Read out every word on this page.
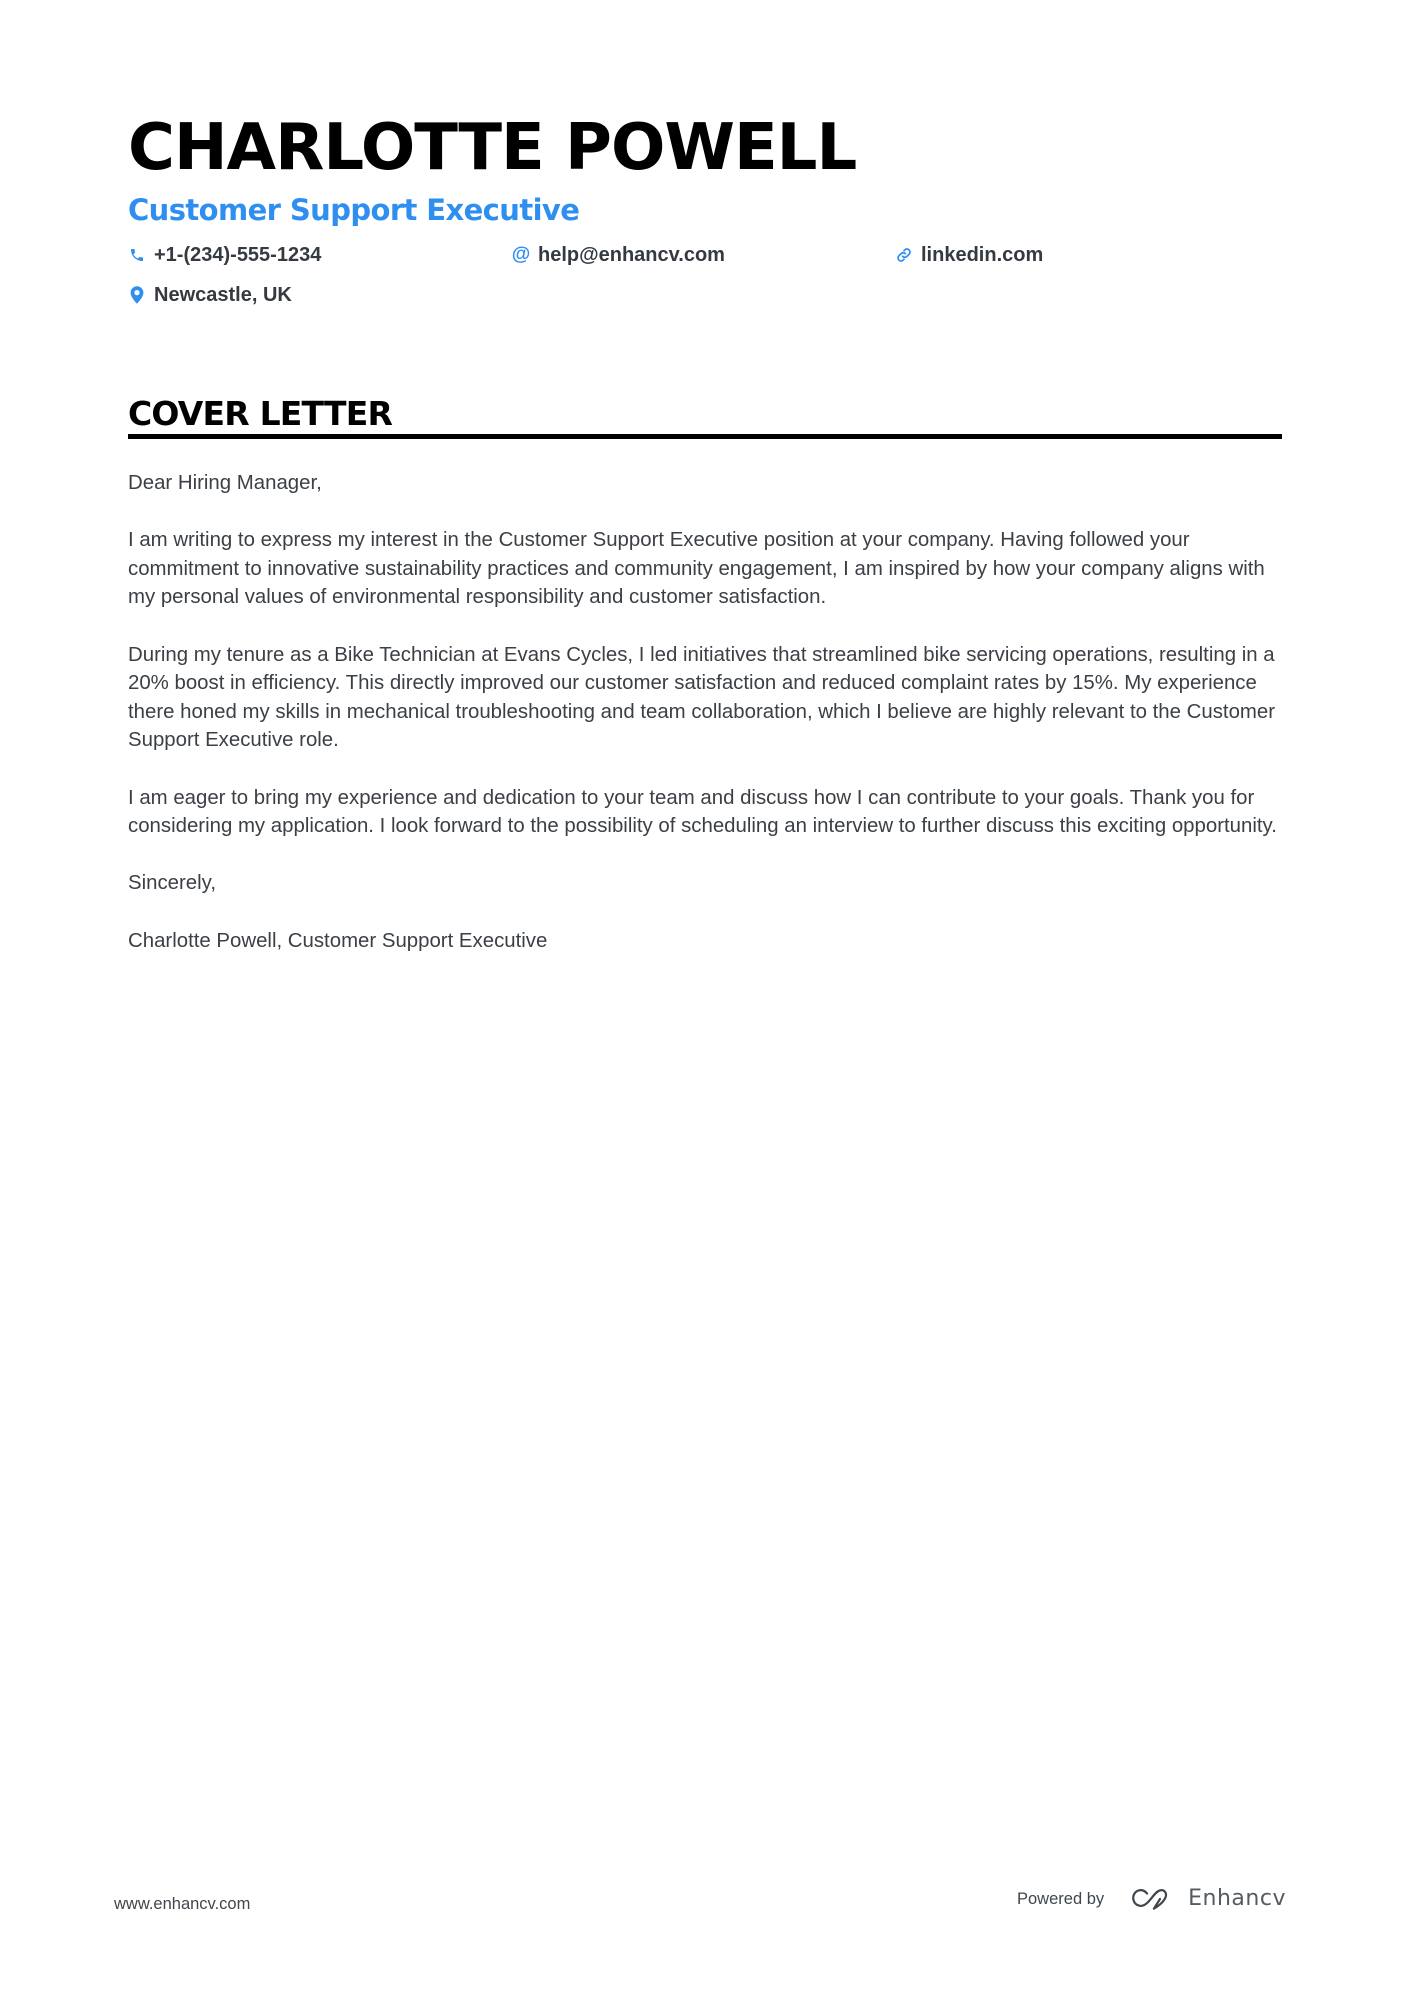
CHARLOTTE POWELL
Customer Support Executive
+1-(234)-555-1234	@ help@enhancv.com	linkedin.com
Newcastle, UK
COVER LETTER

Dear Hiring Manager,

I am writing to express my interest in the Customer Support Executive position at your company. Having followed your commitment to innovative sustainability practices and community engagement, I am inspired by how your company aligns with my personal values of environmental responsibility and customer satisfaction.

During my tenure as a Bike Technician at Evans Cycles, I led initiatives that streamlined bike servicing operations, resulting in a 20% boost in efficiency. This directly improved our customer satisfaction and reduced complaint rates by 15%. My experience there honed my skills in mechanical troubleshooting and team collaboration, which I believe are highly relevant to the Customer Support Executive role.

I am eager to bring my experience and dedication to your team and discuss how I can contribute to your goals. Thank you for considering my application. I look forward to the possibility of scheduling an interview to further discuss this exciting opportunity.

Sincerely,

Charlotte Powell, Customer Support Executive

www.enhancv.com	Powered by	Enhancv
